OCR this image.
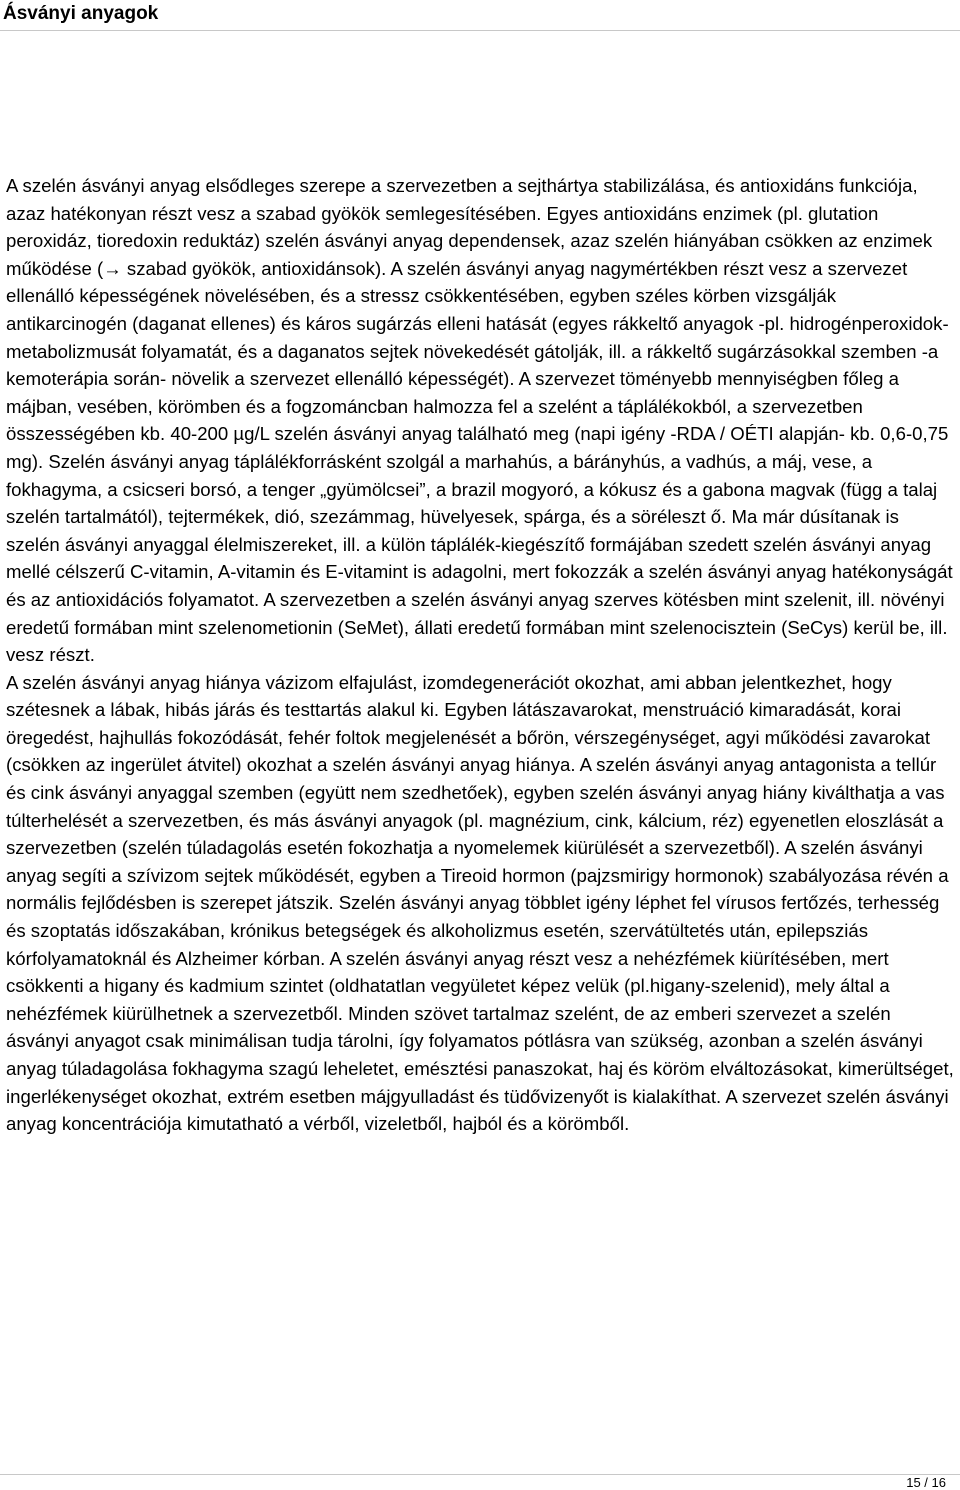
Ásványi anyagok

A szelén ásványi anyag elsődleges szerepe a szervezetben a sejthártya stabilizálása, és antioxidáns funkciója, azaz hatékonyan részt vesz a szabad gyökök semlegesítésében. Egyes antioxidáns enzimek (pl. glutation peroxidáz, tioredoxin reduktáz) szelén ásványi anyag dependensek, azaz szelén hiányában csökken az enzimek működése (→ szabad gyökök, antioxidánsok). A szelén ásványi anyag nagymértékben részt vesz a szervezet ellenálló képességének növelésében, és a stressz csökkentésében, egyben széles körben vizsgálják antikarcinogén (daganat ellenes) és káros sugárzás elleni hatását (egyes rákkeltő anyagok -pl. hidrogénperoxidok- metabolizmusát folyamatát, és a daganatos sejtek növekedését gátolják, ill. a rákkeltő sugárzásokkal szemben -a kemoterápia során- növelik a szervezet ellenálló képességét). A szervezet töményebb mennyiségben főleg a májban, vesében, körömben és a fogzománcban halmozza fel a szelént a táplálékokból, a szervezetben összességében kb. 40-200 µg/L szelén ásványi anyag található meg (napi igény -RDA / OÉTI alapján- kb. 0,6-0,75 mg). Szelén ásványi anyag táplálékforrásként szolgál a marhahús, a bárányhús, a vadhús, a máj, vese, a fokhagyma, a csicseri borsó, a tenger „gyümölcsei”, a brazil mogyoró, a kókusz és a gabona magvak (függ a talaj szelén tartalmától), tejtermékek, dió, szezámmag, hüvelyesek, spárga, és a söréleszt ő. Ma már dúsítanak is szelén ásványi anyaggal élelmiszereket, ill. a külön táplálék-kiegészítő formájában szedett szelén ásványi anyag mellé célszerű C-vitamin, A-vitamin és E-vitamint is adagolni, mert fokozzák a szelén ásványi anyag hatékonyságát és az antioxidációs folyamatot. A szervezetben a szelén ásványi anyag szerves kötésben mint szelenit, ill. növényi eredetű formában mint szelenometionin (SeMet), állati eredetű formában mint szelenocisztein (SeCys) kerül be, ill. vesz részt.

A szelén ásványi anyag hiánya vázizom elfajulást, izomdegenerációt okozhat, ami abban jelentkezhet, hogy szétesnek a lábak, hibás járás és testtartás alakul ki. Egyben látászavarokat, menstruáció kimaradását, korai öregedést, hajhullás fokozódását, fehér foltok megjelenését a bőrön, vérszegénységet, agyi működési zavarokat (csökken az ingerület átvitel) okozhat a szelén ásványi anyag hiánya. A szelén ásványi anyag antagonista a tellúr és cink ásványi anyaggal szemben (együtt nem szedhetőek), egyben szelén ásványi anyag hiány kiválthatja a vas túlterhelését a szervezetben, és más ásványi anyagok (pl. magnézium, cink, kálcium, réz) egyenetlen eloszlását a szervezetben (szelén túladagolás esetén fokozhatja a nyomelemek kiürülését a szervezetből). A szelén ásványi anyag segíti a szívizom sejtek működését, egyben a Tireoid hormon (pajzsmirigy hormonok) szabályozása révén a normális fejlődésben is szerepet játszik. Szelén ásványi anyag többlet igény léphet fel vírusos fertőzés, terhesség és szoptatás időszakában, krónikus betegségek és alkoholizmus esetén, szervátültetés után, epilepsziás kórfolyamatoknál és Alzheimer kórban. A szelén ásványi anyag részt vesz a nehézfémek kiürítésében, mert csökkenti a higany és kadmium szintet (oldhatatlan vegyületet képez velük (pl.higany-szelenid), mely által a nehézfémek kiürülhetnek a szervezetből. Minden szövet tartalmaz szelént, de az emberi szervezet a szelén ásványi anyagot csak minimálisan tudja tárolni, így folyamatos pótlásra van szükség, azonban a szelén ásványi anyag túladagolása fokhagyma szagú leheletet, emésztési panaszokat, haj és köröm elváltozásokat, kimerültséget, ingerlékenységet okozhat, extrém esetben májgyulladást és tüdővizenyőt is kialakíthat. A szervezet szelén ásványi anyag koncentrációja kimutatható a vérből, vizeletből, hajból és a körömből.

15 / 16
